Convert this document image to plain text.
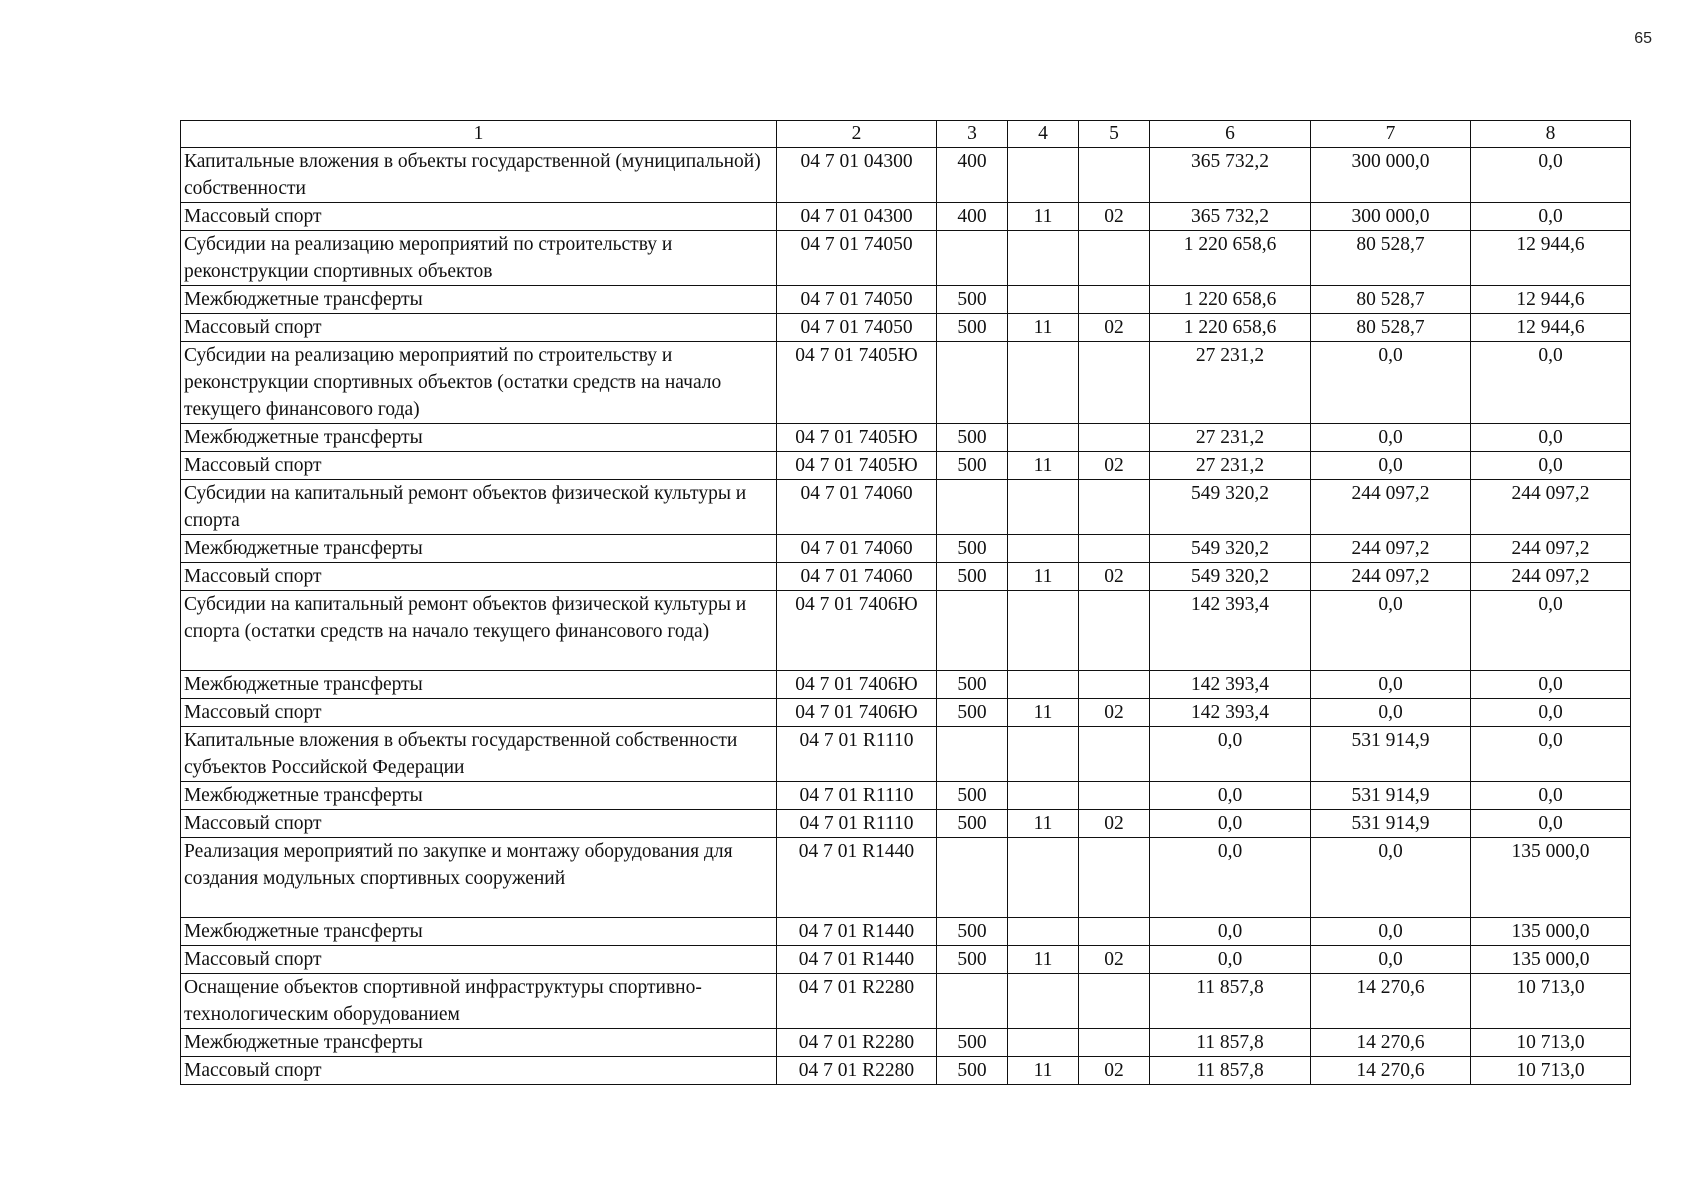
65
1	2	3	4	5	6	7	8
Капитальные вложения в объекты государственной (муниципальной) собственности	04 7 01 04300	400			365 732,2	300 000,0	0,0
Массовый спорт	04 7 01 04300	400	11	02	365 732,2	300 000,0	0,0
Субсидии на реализацию мероприятий по строительству и реконструкции спортивных объектов	04 7 01 74050				1 220 658,6	80 528,7	12 944,6
Межбюджетные трансферты	04 7 01 74050	500			1 220 658,6	80 528,7	12 944,6
Массовый спорт	04 7 01 74050	500	11	02	1 220 658,6	80 528,7	12 944,6
Субсидии на реализацию мероприятий по строительству и реконструкции спортивных объектов (остатки средств на начало текущего финансового года)	04 7 01 7405Ю				27 231,2	0,0	0,0
Межбюджетные трансферты	04 7 01 7405Ю	500			27 231,2	0,0	0,0
Массовый спорт	04 7 01 7405Ю	500	11	02	27 231,2	0,0	0,0
Субсидии на капитальный ремонт объектов физической культуры и спорта	04 7 01 74060				549 320,2	244 097,2	244 097,2
Межбюджетные трансферты	04 7 01 74060	500			549 320,2	244 097,2	244 097,2
Массовый спорт	04 7 01 74060	500	11	02	549 320,2	244 097,2	244 097,2
Субсидии на капитальный ремонт объектов физической культуры и спорта (остатки средств на начало текущего финансового года)	04 7 01 7406Ю				142 393,4	0,0	0,0
Межбюджетные трансферты	04 7 01 7406Ю	500			142 393,4	0,0	0,0
Массовый спорт	04 7 01 7406Ю	500	11	02	142 393,4	0,0	0,0
Капитальные вложения в объекты государственной собственности субъектов Российской Федерации	04 7 01 R1110				0,0	531 914,9	0,0
Межбюджетные трансферты	04 7 01 R1110	500			0,0	531 914,9	0,0
Массовый спорт	04 7 01 R1110	500	11	02	0,0	531 914,9	0,0
Реализация мероприятий по закупке и монтажу оборудования для создания модульных спортивных сооружений	04 7 01 R1440				0,0	0,0	135 000,0
Межбюджетные трансферты	04 7 01 R1440	500			0,0	0,0	135 000,0
Массовый спорт	04 7 01 R1440	500	11	02	0,0	0,0	135 000,0
Оснащение объектов спортивной инфраструктуры спортивно-технологическим оборудованием	04 7 01 R2280				11 857,8	14 270,6	10 713,0
Межбюджетные трансферты	04 7 01 R2280	500			11 857,8	14 270,6	10 713,0
Массовый спорт	04 7 01 R2280	500	11	02	11 857,8	14 270,6	10 713,0
